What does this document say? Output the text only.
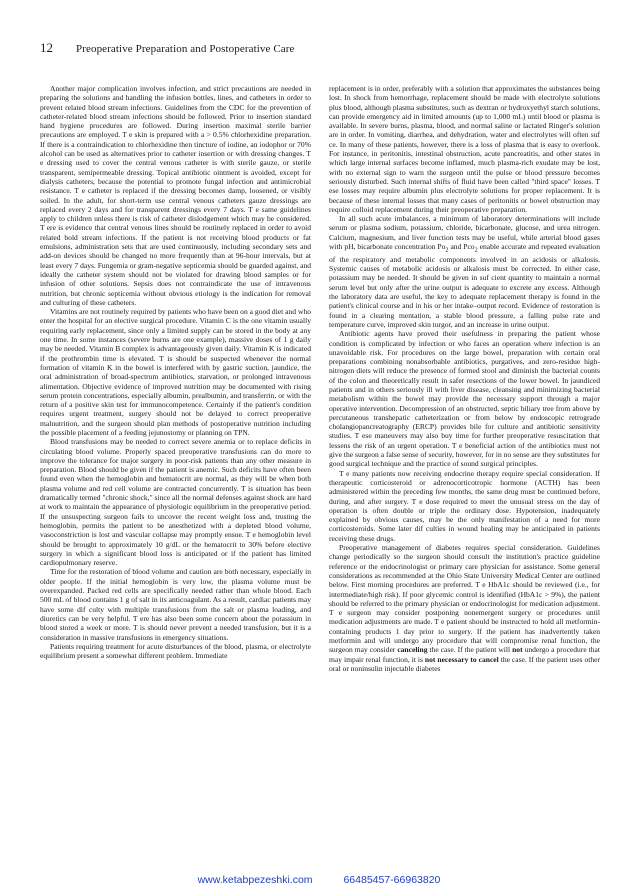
12	Preoperative Preparation and Postoperative Care

Another major complication involves infection, and strict precautions are needed in preparing the solutions and handling the infusion bottles, lines, and catheters in order to prevent related blood stream infections. Guidelines from the CDC for the prevention of catheter-related blood stream infections should be followed. Prior to insertion standard hand hygiene procedures are followed. During insertion maximal sterile barrier precautions are employed. T e skin is prepared with a > 0.5% chlorhexidine preparation. If there is a contraindication to chlorhexidine then tincture of iodine, an iodophor or 70% alcohol can be used as alternatives prior to catheter insertion or with dressing changes. T e dressing used to cover the central venous catheter is with sterile gauze, or sterile transparent, semipermeable dressing. Topical antibiotic ointment is avoided, except for dialysis catheters, because the potential to promote fungal infection and antimicrobial resistance. T e catheter is replaced if the dressing becomes damp, loosened, or visibly soiled. In the adult, for short-term use central venous catheters gauze dressings are replaced every 2 days and for transparent dressings every 7 days. T e same guidelines apply to children unless there is risk of catheter dislodgement which may be considered. T ere is evidence that central venous lines should be routinely replaced in order to avoid related bold stream infections. If the patient is not receiving blood products or fat emulsions, administration sets that are used continuously, including secondary sets and add-on devices should be changed no more frequently than at 96-hour intervals, but at least every 7 days. Fungemia or gram-negative septicemia should be guarded against, and ideally the catheter system should not be violated for drawing blood samples or for infusion of other solutions. Sepsis does not contraindicate the use of intravenous nutrition, but chronic septicemia without obvious etiology is the indication for removal and culturing of these catheters.

Vitamins are not routinely required by patients who have been on a good diet and who enter the hospital for an elective surgical procedure. Vitamin C is the one vitamin usually requiring early replacement, since only a limited supply can be stored in the body at any one time. In some instances (severe burns are one example), massive doses of 1 g daily may be needed. Vitamin B complex is advantageously given daily. Vitamin K is indicated if the prothrombin time is elevated. T is should be suspected whenever the normal formation of vitamin K in the bowel is interfered with by gastric suction, jaundice, the oral administration of broad-spectrum antibiotics, starvation, or prolonged intravenous alimentation. Objective evidence of improved nutrition may be documented with rising serum protein concentrations, especially albumin, prealbumin, and transferrin, or with the return of a positive skin test for immunocompetence. Certainly if the patient's condition requires urgent treatment, surgery should not be delayed to correct preoperative malnutrition, and the surgeon should plan methods of postoperative nutrition including the possible placement of a feeding jejunostomy or planning on TPN.

Blood transfusions may be needed to correct severe anemia or to replace deficits in circulating blood volume. Properly spaced preoperative transfusions can do more to improve the tolerance for major surgery in poor-risk patients than any other measure in preparation. Blood should be given if the patient is anemic. Such deficits have often been found even when the hemoglobin and hematocrit are normal, as they will be when both plasma volume and red cell volume are contracted concurrently. T is situation has been dramatically termed "chronic shock," since all the normal defenses against shock are hard at work to maintain the appearance of physiologic equilibrium in the preoperative period. If the unsuspecting surgeon fails to uncover the recent weight loss and, trusting the hemoglobin, permits the patient to be anesthetized with a depleted blood volume, vasoconstriction is lost and vascular collapse may promptly ensue. T e hemoglobin level should be brought to approximately 10 g/dL or the hematocrit to 30% before elective surgery in which a significant blood loss is anticipated or if the patient has limited cardiopulmonary reserve.

Time for the restoration of blood volume and caution are both necessary, especially in older people. If the initial hemoglobin is very low, the plasma volume must be overexpanded. Packed red cells are specifically needed rather than whole blood. Each 500 mL of blood contains 1 g of salt in its anticoagulant. As a result, cardiac patients may have some dif culty with multiple transfusions from the salt or plasma loading, and diuretics can be very helpful. T ere has also been some concern about the potassium in blood stored a week or more. T is should never prevent a needed transfusion, but it is a consideration in massive transfusions in emergency situations.

Patients requiring treatment for acute disturbances of the blood, plasma, or electrolyte equilibrium present a somewhat different problem. Immediate

replacement is in order, preferably with a solution that approximates the substances being lost. In shock from hemorrhage, replacement should be made with electrolyte solutions plus blood, although plasma substitutes, such as dextran or hydroxyethyl starch solutions, can provide emergency aid in limited amounts (up to 1,000 mL) until blood or plasma is available. In severe burns, plasma, blood, and normal saline or lactated Ringer's solution are in order. In vomiting, diarrhea, and dehydration, water and electrolytes will often suf ce. In many of these patients, however, there is a loss of plasma that is easy to overlook. For instance, in peritonitis, intestinal obstruction, acute pancreatitis, and other states in which large internal surfaces become inflamed, much plasma-rich exudate may be lost, with no external sign to warn the surgeon until the pulse or blood pressure becomes seriously disturbed. Such internal shifts of fluid have been called "third space" losses. T ese losses may require albumin plus electrolyte solutions for proper replacement. It is because of these internal losses that many cases of peritonitis or bowel obstruction may require colloid replacement during their preoperative preparation.

In all such acute imbalances, a minimum of laboratory determinations will include serum or plasma sodium, potassium, chloride, bicarbonate, glucose, and urea nitrogen. Calcium, magnesium, and liver function tests may be useful, while arterial blood gases with pH, bicarbonate concentration $Po_2$ and Pco$_2$ enable accurate and repeated evaluation of the respiratory and metabolic components involved in an acidosis or alkalosis. Systemic causes of metabolic acidosis or alkalosis must be corrected. In either case, potassium may be needed. It should be given in suf cient quantity to maintain a normal serum level but only after the urine output is adequate to excrete any excess. Although the laboratory data are useful, the key to adequate replacement therapy is found in the patient's clinical course and in his or her intake–output record. Evidence of restoration is found in a clearing mentation, a stable blood pressure, a falling pulse rate and temperature curve, improved skin turgor, and an increase in urine output.

Antibiotic agents have proved their usefulness in preparing the patient whose condition is complicated by infection or who faces an operation where infection is an unavoidable risk. For procedures on the large bowel, preparation with certain oral preparations combining nonabsorbable antibiotics, purgatives, and zero-residue high-nitrogen diets will reduce the presence of formed stool and diminish the bacterial counts of the colon and theoretically result in safer resections of the lower bowel. In jaundiced patients and in others seriously ill with liver disease, cleansing and minimizing bacterial metabolism within the bowel may provide the necessary support through a major operative intervention. Decompression of an obstructed, septic biliary tree from above by percutaneous transhepatic catheterization or from below by endoscopic retrograde cholangiopancreatography (ERCP) provides bile for culture and antibiotic sensitivity studies. T ese maneuvers may also buy time for further preoperative resuscitation that lessens the risk of an urgent operation. T e beneficial action of the antibiotics must not give the surgeon a false sense of security, however, for in no sense are they substitutes for good surgical technique and the practice of sound surgical principles.

T e many patients now receiving endocrine therapy require special consideration. If therapeutic corticosteroid or adrenocorticotropic hormone (ACTH) has been administered within the preceding few months, the same drug must be continued before, during, and after surgery. T e dose required to meet the unusual stress on the day of operation is often double or triple the ordinary dose. Hypotension, inadequately explained by obvious causes, may be the only manifestation of a need for more corticosteroids. Some later dif culties in wound healing may be anticipated in patients receiving these drugs.

Preoperative management of diabetes requires special consideration. Guidelines change periodically so the surgeon should consult the institution's practice guideline reference or the endocrinologist or primary care physician for assistance. Some general considerations as recommended at the Ohio State University Medical Center are outlined below. First morning procedures are preferred. T e HbA1c should be reviewed (i.e., for intermediate/high risk). If poor glycemic control is identified (HbA1c > 9%), the patient should be referred to the primary physician or endocrinologist for medication adjustment. T e surgeon may consider postponing nonemergent surgery or procedures until medication adjustments are made. T e patient should be instructed to hold all metformin-containing products 1 day prior to surgery. If the patient has inadvertently taken metformin and will undergo any procedure that will compromise renal function, the surgeon may consider canceling the case. If the patient will not undergo a procedure that may impair renal function, it is not necessary to cancel the case. If the patient uses other oral or noninsulin injectable diabetes

www.ketabpezeshki.com	66485457-66963820
